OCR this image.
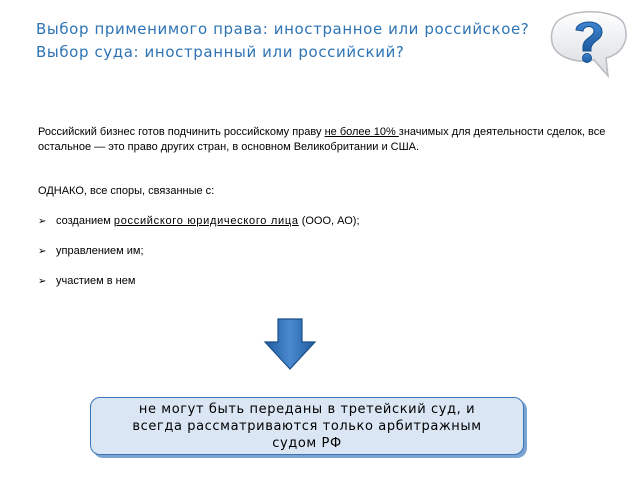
Выбор применимого права: иностранное или российское?
Выбор суда: иностранный или российский?
Российский бизнес готов подчинить российскому праву не более 10% значимых для деятельности сделок, все остальное — это право других стран, в основном Великобритании и США.
ОДНАКО, все споры, связанные с:
➢ созданием российского юридического лица (ООО, АО);
➢ управлением им;
➢ участием в нем
не могут быть переданы в третейский суд, и
всегда рассматриваются только арбитражным
судом РФ
